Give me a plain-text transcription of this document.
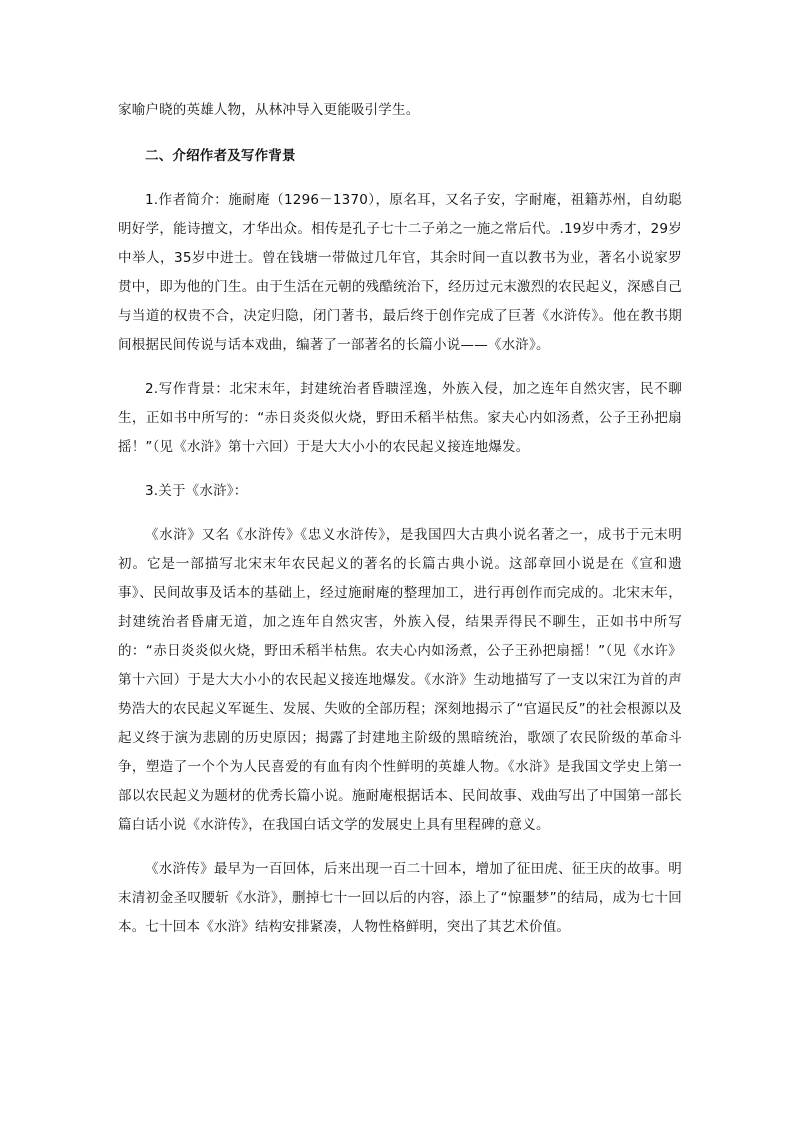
家喻户晓的英雄人物，从林冲导入更能吸引学生。

二、介绍作者及写作背景

1.作者简介：施耐庵（1296－1370），原名耳，又名子安，字耐庵，祖籍苏州，自幼聪明好学，能诗擅文，才华出众。相传是孔子七十二子弟之一施之常后代。.19岁中秀才，29岁中举人，35岁中进士。曾在钱塘一带做过几年官，其余时间一直以教书为业，著名小说家罗贯中，即为他的门生。由于生活在元朝的残酷统治下，经历过元末激烈的农民起义，深感自己与当道的权贵不合，决定归隐，闭门著书，最后终于创作完成了巨著《水浒传》。他在教书期间根据民间传说与话本戏曲，编著了一部著名的长篇小说——《水浒》。

2.写作背景：北宋末年，封建统治者昏聩淫逸，外族入侵，加之连年自然灾害，民不聊生，正如书中所写的：“赤日炎炎似火烧，野田禾稻半枯焦。家夫心内如汤煮，公子王孙把扇摇！”（见《水浒》第十六回）于是大大小小的农民起义接连地爆发。

3.关于《水浒》：

《水浒》又名《水浒传》《忠义水浒传》，是我国四大古典小说名著之一，成书于元末明初。它是一部描写北宋末年农民起义的著名的长篇古典小说。这部章回小说是在《宣和遗事》、民间故事及话本的基础上，经过施耐庵的整理加工，进行再创作而完成的。北宋末年，封建统治者昏庸无道，加之连年自然灾害，外族入侵，结果弄得民不聊生，正如书中所写的：“赤日炎炎似火烧，野田禾稻半枯焦。农夫心内如汤煮，公子王孙把扇摇！”（见《水许》第十六回）于是大大小小的农民起义接连地爆发。《水浒》生动地描写了一支以宋江为首的声势浩大的农民起义军诞生、发展、失败的全部历程；深刻地揭示了“官逼民反”的社会根源以及起义终于演为悲剧的历史原因；揭露了封建地主阶级的黑暗统治，歌颂了农民阶级的革命斗争，塑造了一个个为人民喜爱的有血有肉个性鲜明的英雄人物。《水浒》是我国文学史上第一部以农民起义为题材的优秀长篇小说。施耐庵根据话本、民间故事、戏曲写出了中国第一部长篇白话小说《水浒传》，在我国白话文学的发展史上具有里程碑的意义。

《水浒传》最早为一百回体，后来出现一百二十回本，增加了征田虎、征王庆的故事。明末清初金圣叹腰斩《水浒》，删掉七十一回以后的内容，添上了“惊噩梦”的结局，成为七十回本。七十回本《水浒》结构安排紧凑，人物性格鲜明，突出了其艺术价值。
